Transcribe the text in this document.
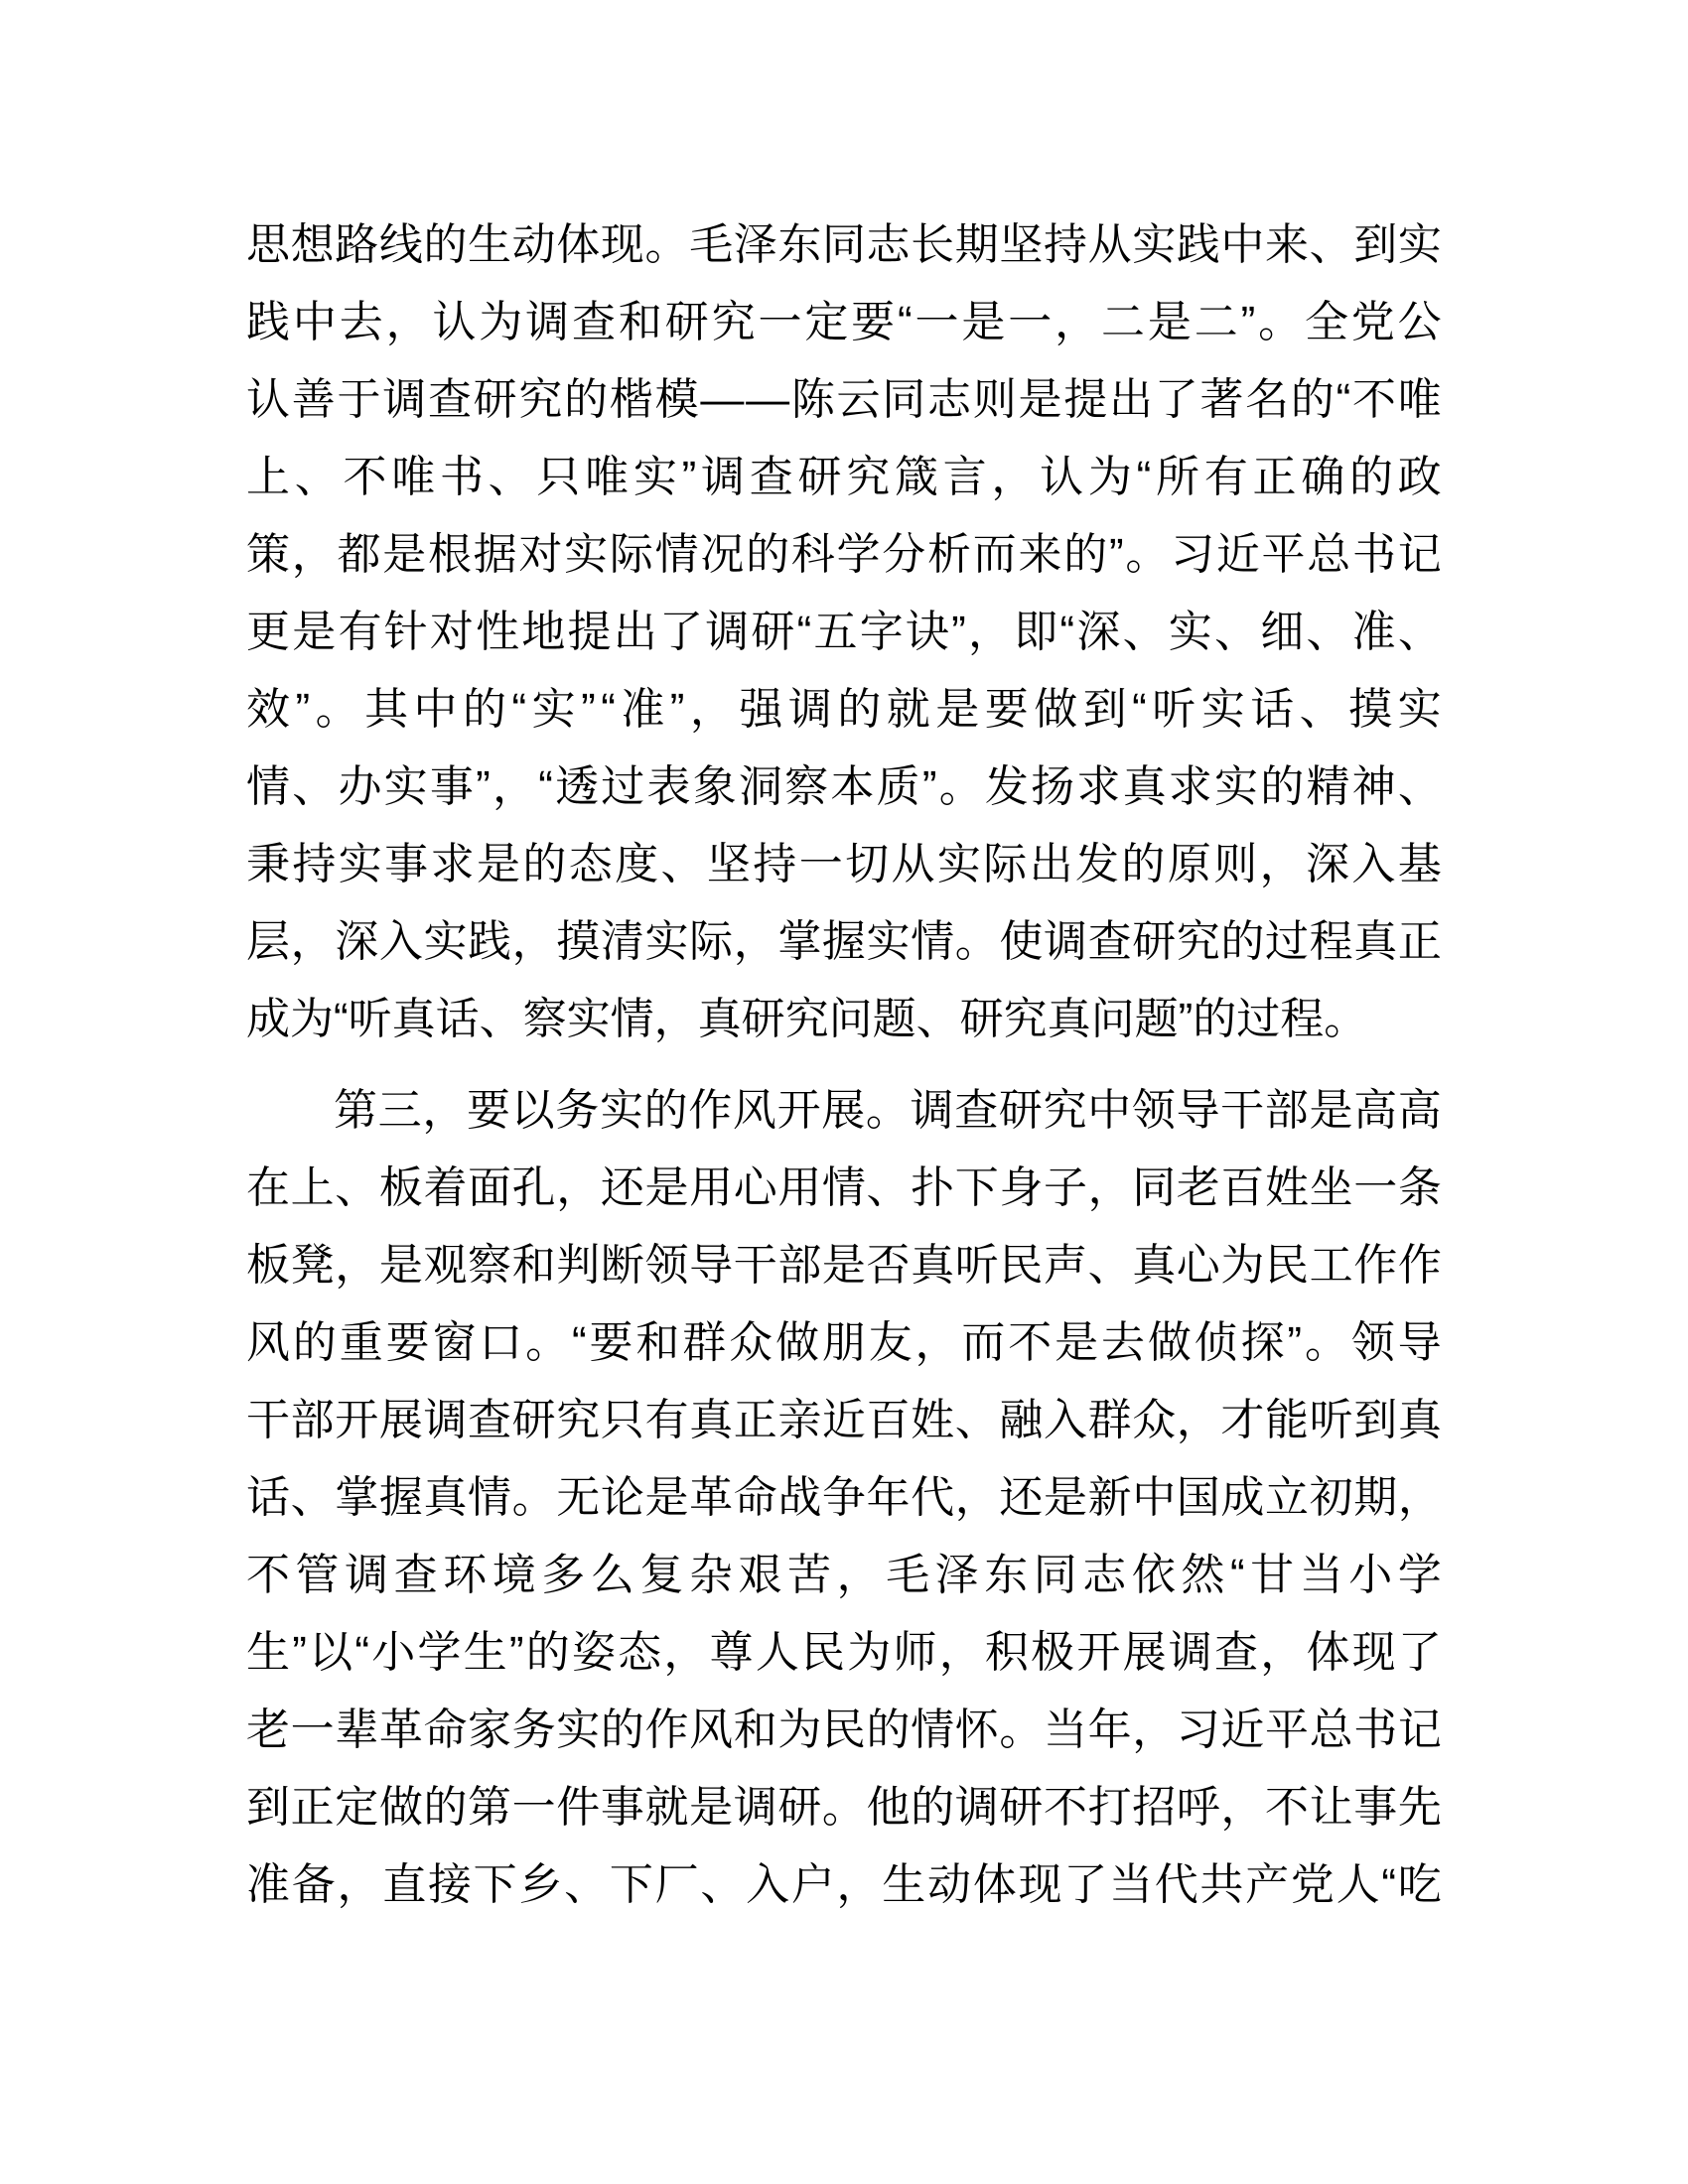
思 想 路 线 的 生 动 体 现 。 毛 泽 东 同 志 长 期 坚 持 从 实 践 中 来 、 到 实
践 中 去 ， 认 为 调 查 和 研 究 一 定 要 “ 一 是 一 ， 二 是 二 ” 。 全 党 公
认 善 于 调 查 研 究 的 楷 模 — — 陈 云 同 志 则 是 提 出 了 著 名 的 “ 不 唯
上 、 不 唯 书 、 只 唯 实 ” 调 查 研 究 箴 言 ， 认 为 “ 所 有 正 确 的 政
策 ， 都 是 根 据 对 实 际 情 况 的 科 学 分 析 而 来 的 ” 。 习 近 平 总 书 记
更 是 有 针 对 性 地 提 出 了 调 研 “ 五 字 诀 ” ， 即 “ 深 、 实 、 细 、 准 、
效 ” 。 其 中 的 “ 实 ” “ 准 ” ， 强 调 的 就 是 要 做 到 “ 听 实 话 、 摸 实
情 、 办 实 事 ” ， “ 透 过 表 象 洞 察 本 质 ” 。 发 扬 求 真 求 实 的 精 神 、
秉 持 实 事 求 是 的 态 度 、 坚 持 一 切 从 实 际 出 发 的 原 则 ， 深 入 基
层 ， 深 入 实 践 ， 摸 清 实 际 ， 掌 握 实 情 。 使 调 查 研 究 的 过 程 真 正
成为“听真话、察实情，真研究问题、研究真问题”的过程。
第 三 ， 要 以 务 实 的 作 风 开 展 。 调 查 研 究 中 领 导 干 部 是 高 高
在 上 、 板 着 面 孔 ， 还 是 用 心 用 情 、 扑 下 身 子 ， 同 老 百 姓 坐 一 条
板 凳 ， 是 观 察 和 判 断 领 导 干 部 是 否 真 听 民 声 、 真 心 为 民 工 作 作
风 的 重 要 窗 口 。 “ 要 和 群 众 做 朋 友 ， 而 不 是 去 做 侦 探 ” 。 领 导
干 部 开 展 调 查 研 究 只 有 真 正 亲 近 百 姓 、 融 入 群 众 ， 才 能 听 到 真
话 、 掌 握 真 情 。 无 论 是 革 命 战 争 年 代 ， 还 是 新 中 国 成 立 初 期 ，
不 管 调 查 环 境 多 么 复 杂 艰 苦 ， 毛 泽 东 同 志 依 然 “ 甘 当 小 学
生 ” 以 “ 小 学 生 ” 的 姿 态 ， 尊 人 民 为 师 ， 积 极 开 展 调 查 ， 体 现 了
老 一 辈 革 命 家 务 实 的 作 风 和 为 民 的 情 怀 。 当 年 ， 习 近 平 总 书 记
到 正 定 做 的 第 一 件 事 就 是 调 研 。 他 的 调 研 不 打 招 呼 ， 不 让 事 先
准 备 ， 直 接 下 乡 、 下 厂 、 入 户 ， 生 动 体 现 了 当 代 共 产 党 人 “ 吃
